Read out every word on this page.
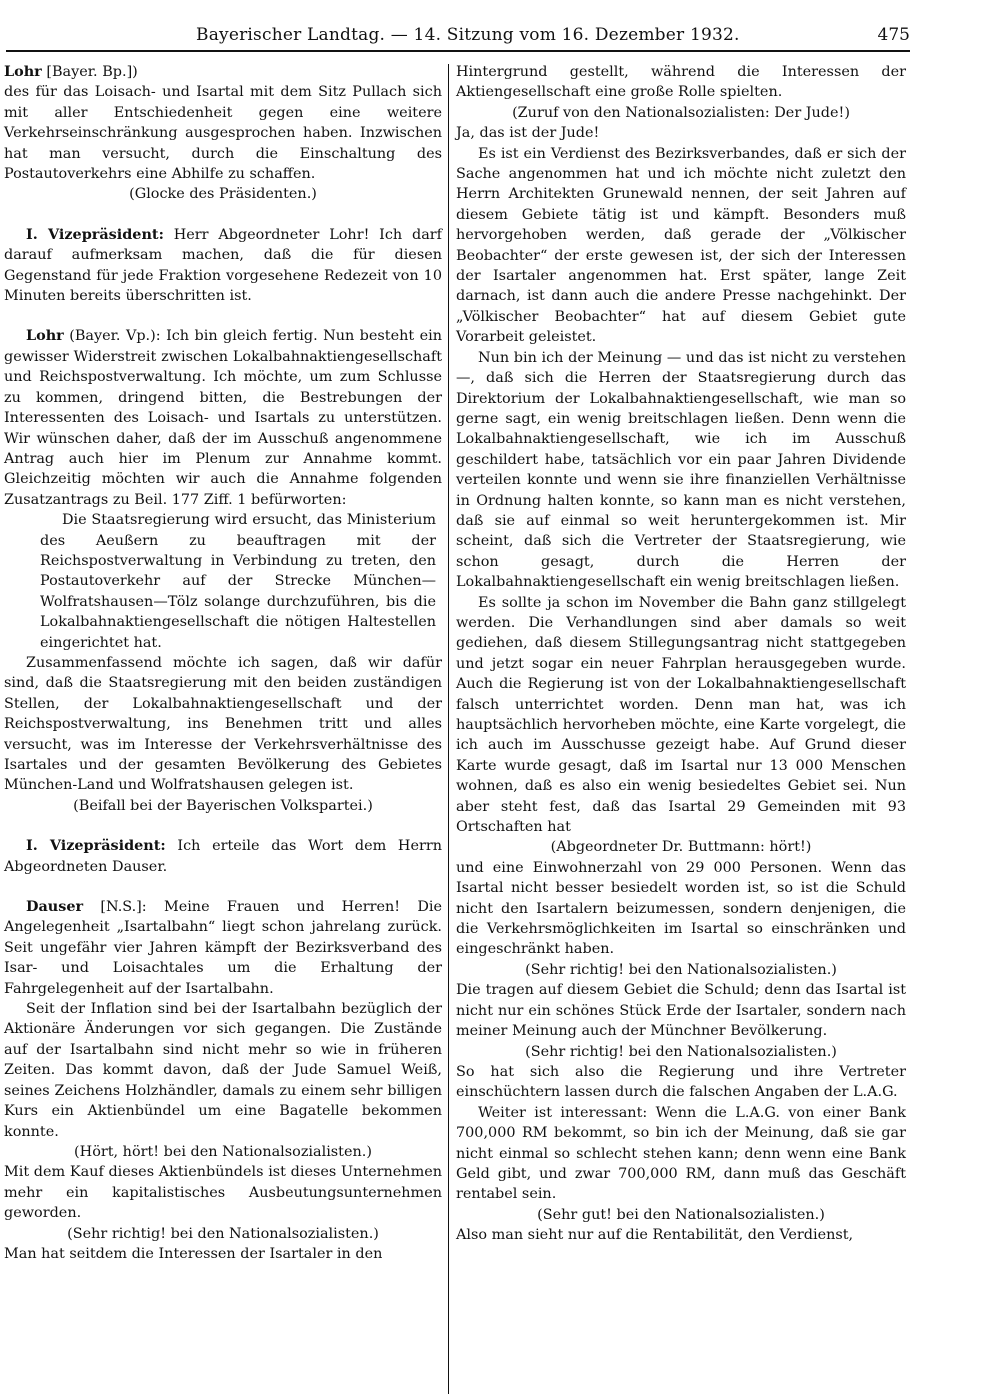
Bayerischer Landtag. — 14. Sitzung vom 16. Dezember 1932.	475

Lohr [Bayer. Bp.])

des für das Loisach- und Isartal mit dem Sitz Pullach sich mit aller Entschiedenheit gegen eine weitere Verkehrseinschränkung ausgesprochen haben. Inzwischen hat man versucht, durch die Einschaltung des Postautoverkehrs eine Abhilfe zu schaffen.

(Glocke des Präsidenten.)

I. Vizepräsident: Herr Abgeordneter Lohr! Ich darf darauf aufmerksam machen, daß die für diesen Gegenstand für jede Fraktion vorgesehene Redezeit von 10 Minuten bereits überschritten ist.

Lohr (Bayer. Vp.): Ich bin gleich fertig. Nun besteht ein gewisser Widerstreit zwischen Lokalbahnaktiengesellschaft und Reichspostverwaltung. Ich möchte, um zum Schlusse zu kommen, dringend bitten, die Bestrebungen der Interessenten des Loisach- und Isartals zu unterstützen. Wir wünschen daher, daß der im Ausschuß angenommene Antrag auch hier im Plenum zur Annahme kommt. Gleichzeitig möchten wir auch die Annahme folgenden Zusatzantrags zu Beil. 177 Ziff. 1 befürworten:

Die Staatsregierung wird ersucht, das Ministerium des Aeußern zu beauftragen mit der Reichspostverwaltung in Verbindung zu treten, den Postautoverkehr auf der Strecke München—Wolfratshausen—Tölz solange durchzuführen, bis die Lokalbahnaktiengesellschaft die nötigen Haltestellen eingerichtet hat.

Zusammenfassend möchte ich sagen, daß wir dafür sind, daß die Staatsregierung mit den beiden zuständigen Stellen, der Lokalbahnaktiengesellschaft und der Reichspostverwaltung, ins Benehmen tritt und alles versucht, was im Interesse der Verkehrsverhältnisse des Isartales und der gesamten Bevölkerung des Gebietes München-Land und Wolfratshausen gelegen ist.

(Beifall bei der Bayerischen Volkspartei.)

I. Vizepräsident: Ich erteile das Wort dem Herrn Abgeordneten Dauser.

Dauser [N.S.]: Meine Frauen und Herren! Die Angelegenheit „Isartalbahn“ liegt schon jahrelang zurück. Seit ungefähr vier Jahren kämpft der Bezirksverband des Isar- und Loisachtales um die Erhaltung der Fahrgelegenheit auf der Isartalbahn.

Seit der Inflation sind bei der Isartalbahn bezüglich der Aktionäre Änderungen vor sich gegangen. Die Zustände auf der Isartalbahn sind nicht mehr so wie in früheren Zeiten. Das kommt davon, daß der Jude Samuel Weiß, seines Zeichens Holzhändler, damals zu einem sehr billigen Kurs ein Aktienbündel um eine Bagatelle bekommen konnte.

(Hört, hört! bei den Nationalsozialisten.)

Mit dem Kauf dieses Aktienbündels ist dieses Unternehmen mehr ein kapitalistisches Ausbeutungsunternehmen geworden.

(Sehr richtig! bei den Nationalsozialisten.)

Man hat seitdem die Interessen der Isartaler in den

Hintergrund gestellt, während die Interessen der Aktiengesellschaft eine große Rolle spielten.

(Zuruf von den Nationalsozialisten: Der Jude!)

Ja, das ist der Jude!

Es ist ein Verdienst des Bezirksverbandes, daß er sich der Sache angenommen hat und ich möchte nicht zuletzt den Herrn Architekten Grunewald nennen, der seit Jahren auf diesem Gebiete tätig ist und kämpft. Besonders muß hervorgehoben werden, daß gerade der „Völkischer Beobachter“ der erste gewesen ist, der sich der Interessen der Isartaler angenommen hat. Erst später, lange Zeit darnach, ist dann auch die andere Presse nachgehinkt. Der „Völkischer Beobachter“ hat auf diesem Gebiet gute Vorarbeit geleistet.

Nun bin ich der Meinung — und das ist nicht zu verstehen —, daß sich die Herren der Staatsregierung durch das Direktorium der Lokalbahnaktiengesellschaft, wie man so gerne sagt, ein wenig breitschlagen ließen. Denn wenn die Lokalbahnaktiengesellschaft, wie ich im Ausschuß geschildert habe, tatsächlich vor ein paar Jahren Dividende verteilen konnte und wenn sie ihre finanziellen Verhältnisse in Ordnung halten konnte, so kann man es nicht verstehen, daß sie auf einmal so weit heruntergekommen ist. Mir scheint, daß sich die Vertreter der Staatsregierung, wie schon gesagt, durch die Herren der Lokalbahnaktiengesellschaft ein wenig breitschlagen ließen.

Es sollte ja schon im November die Bahn ganz stillgelegt werden. Die Verhandlungen sind aber damals so weit gediehen, daß diesem Stillegungsantrag nicht stattgegeben und jetzt sogar ein neuer Fahrplan herausgegeben wurde. Auch die Regierung ist von der Lokalbahnaktiengesellschaft falsch unterrichtet worden. Denn man hat, was ich hauptsächlich hervorheben möchte, eine Karte vorgelegt, die ich auch im Ausschusse gezeigt habe. Auf Grund dieser Karte wurde gesagt, daß im Isartal nur 13 000 Menschen wohnen, daß es also ein wenig besiedeltes Gebiet sei. Nun aber steht fest, daß das Isartal 29 Gemeinden mit 93 Ortschaften hat

(Abgeordneter Dr. Buttmann: hört!)

und eine Einwohnerzahl von 29 000 Personen. Wenn das Isartal nicht besser besiedelt worden ist, so ist die Schuld nicht den Isartalern beizumessen, sondern denjenigen, die die Verkehrsmöglichkeiten im Isartal so einschränken und eingeschränkt haben.

(Sehr richtig! bei den Nationalsozialisten.)

Die tragen auf diesem Gebiet die Schuld; denn das Isartal ist nicht nur ein schönes Stück Erde der Isartaler, sondern nach meiner Meinung auch der Münchner Bevölkerung.

(Sehr richtig! bei den Nationalsozialisten.)

So hat sich also die Regierung und ihre Vertreter einschüchtern lassen durch die falschen Angaben der L.A.G.

Weiter ist interessant: Wenn die L.A.G. von einer Bank 700,000 RM bekommt, so bin ich der Meinung, daß sie gar nicht einmal so schlecht stehen kann; denn wenn eine Bank Geld gibt, und zwar 700,000 RM, dann muß das Geschäft rentabel sein.

(Sehr gut! bei den Nationalsozialisten.)

Also man sieht nur auf die Rentabilität, den Verdienst,
